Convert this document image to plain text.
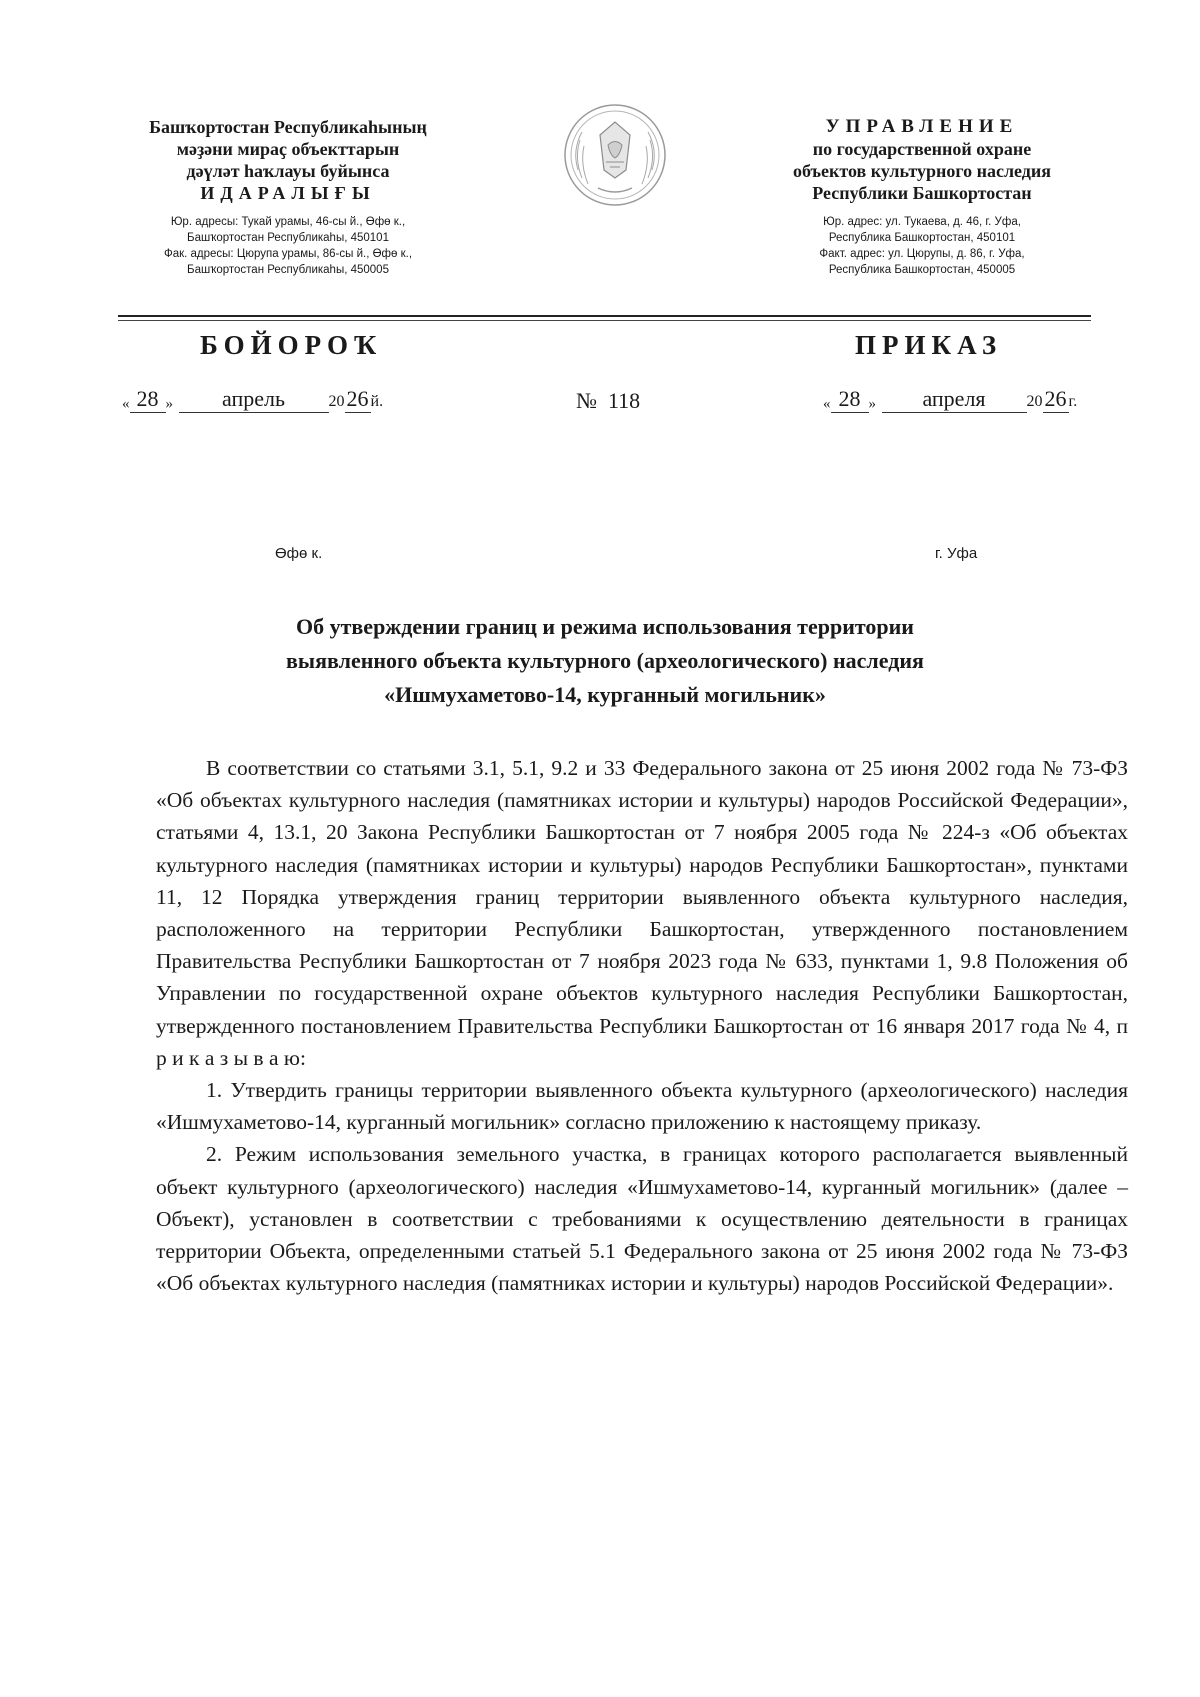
Башҡортостан Республикаһының
мәҙәни мираҫ объекттарын
дәүләт һаҡлауы буйынса
ИДАРАЛЫҒЫ
Юр. адресы: Тукай урамы, 46-сы й., Өфө к.,
Башҡортостан Республикаһы, 450101
Фак. адресы: Цюрупа урамы, 86-сы й., Өфө к.,
Башҡортостан Республикаһы, 450005
УПРАВЛЕНИЕ
по государственной охране
объектов культурного наследия
Республики Башкортостан
Юр. адрес: ул. Тукаева, д. 46, г. Уфа,
Республика Башкортостан, 450101
Факт. адрес: ул. Цюрупы, д. 86, г. Уфа,
Республика Башкортостан, 450005
БОЙОРОҠ	ПРИКАЗ
« 28 » апрель	2026 й.	№ 118	« 28 » апреля	2026 г.
Өфө к.	г. Уфа
Об утверждении границ и режима использования территории
выявленного объекта культурного (археологического) наследия
«Ишмухаметово-14, курганный могильник»

В соответствии со статьями 3.1, 5.1, 9.2 и 33 Федерального закона от 25 июня 2002 года № 73-ФЗ «Об объектах культурного наследия (памятниках истории и культуры) народов Российской Федерации», статьями 4, 13.1, 20 Закона Республики Башкортостан от 7 ноября 2005 года № 224-з «Об объектах культурного наследия (памятниках истории и культуры) народов Республики Башкортостан», пунктами 11, 12 Порядка утверждения границ территории выявленного объекта культурного наследия, расположенного на территории Республики Башкортостан, утвержденного постановлением Правительства Республики Башкортостан от 7 ноября 2023 года № 633, пунктами 1, 9.8 Положения об Управлении по государственной охране объектов культурного наследия Республики Башкортостан, утвержденного постановлением Правительства Республики Башкортостан от 16 января 2017 года № 4, п р и к а з ы в а ю:

1. Утвердить границы территории выявленного объекта культурного (археологического) наследия «Ишмухаметово-14, курганный могильник» согласно приложению к настоящему приказу.

2. Режим использования земельного участка, в границах которого располагается выявленный объект культурного (археологического) наследия «Ишмухаметово-14, курганный могильник» (далее – Объект), установлен в соответствии с требованиями к осуществлению деятельности в границах территории Объекта, определенными статьей 5.1 Федерального закона от 25 июня 2002 года № 73-ФЗ «Об объектах культурного наследия (памятниках истории и культуры) народов Российской Федерации».
